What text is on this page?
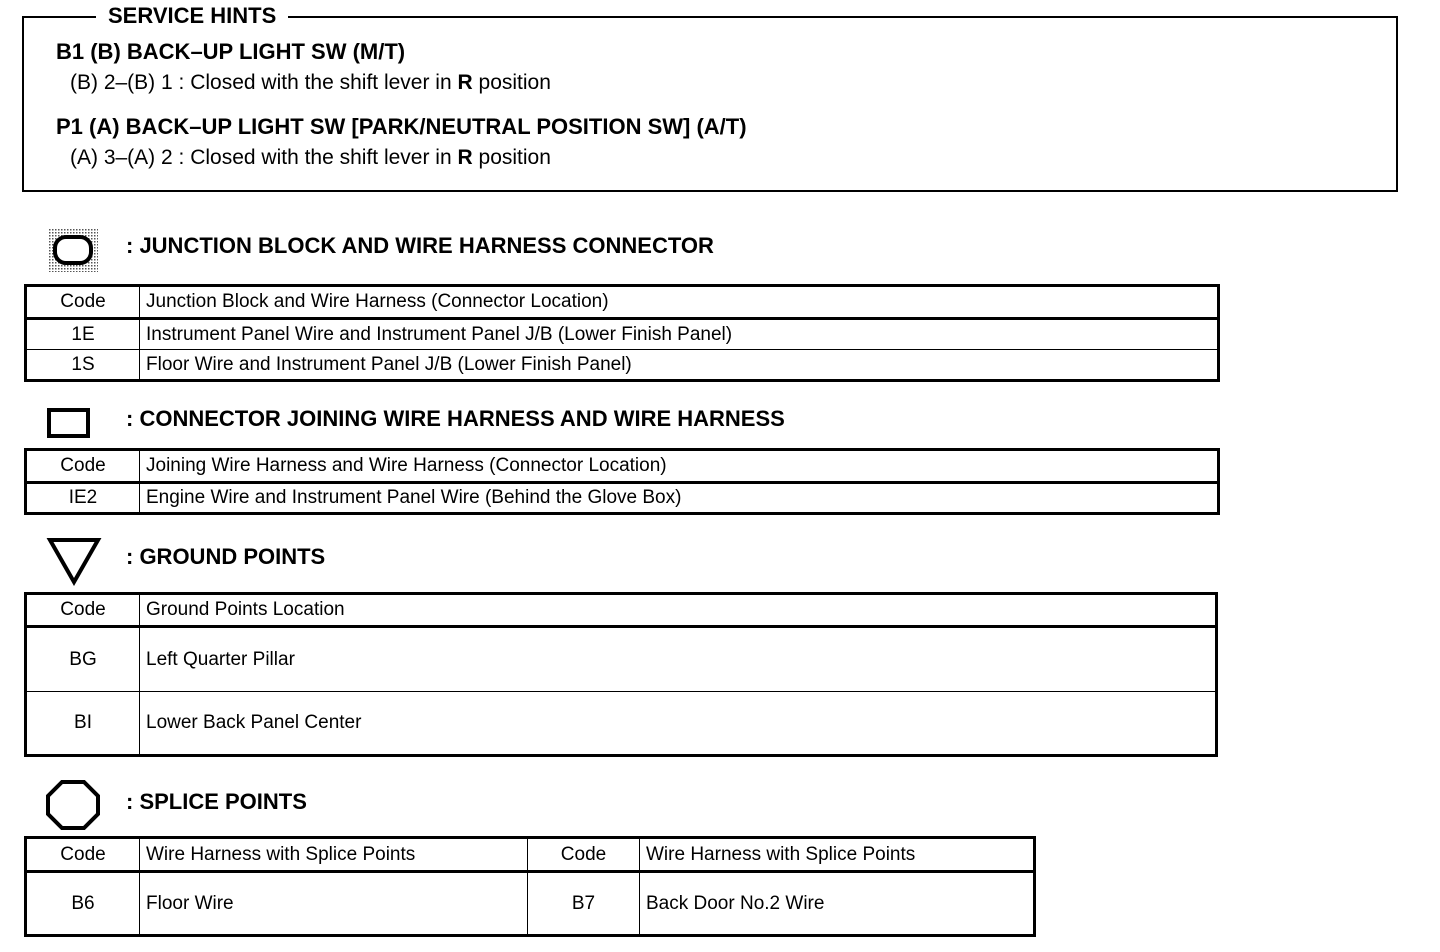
SERVICE HINTS
B1 (B) BACK–UP LIGHT SW (M/T)
(B) 2–(B) 1 : Closed with the shift lever in R position
P1 (A) BACK–UP LIGHT SW [PARK/NEUTRAL POSITION SW] (A/T)
(A) 3–(A) 2 : Closed with the shift lever in R position
: JUNCTION BLOCK AND WIRE HARNESS CONNECTOR
Code	Junction Block and Wire Harness (Connector Location)
1E	Instrument Panel Wire and Instrument Panel J/B (Lower Finish Panel)
1S	Floor Wire and Instrument Panel J/B (Lower Finish Panel)
: CONNECTOR JOINING WIRE HARNESS AND WIRE HARNESS
Code	Joining Wire Harness and Wire Harness (Connector Location)
IE2	Engine Wire and Instrument Panel Wire (Behind the Glove Box)
: GROUND POINTS
Code	Ground Points Location
BG	Left Quarter Pillar
BI	Lower Back Panel Center
: SPLICE POINTS
Code	Wire Harness with Splice Points	Code	Wire Harness with Splice Points
B6	Floor Wire	B7	Back Door No.2 Wire
